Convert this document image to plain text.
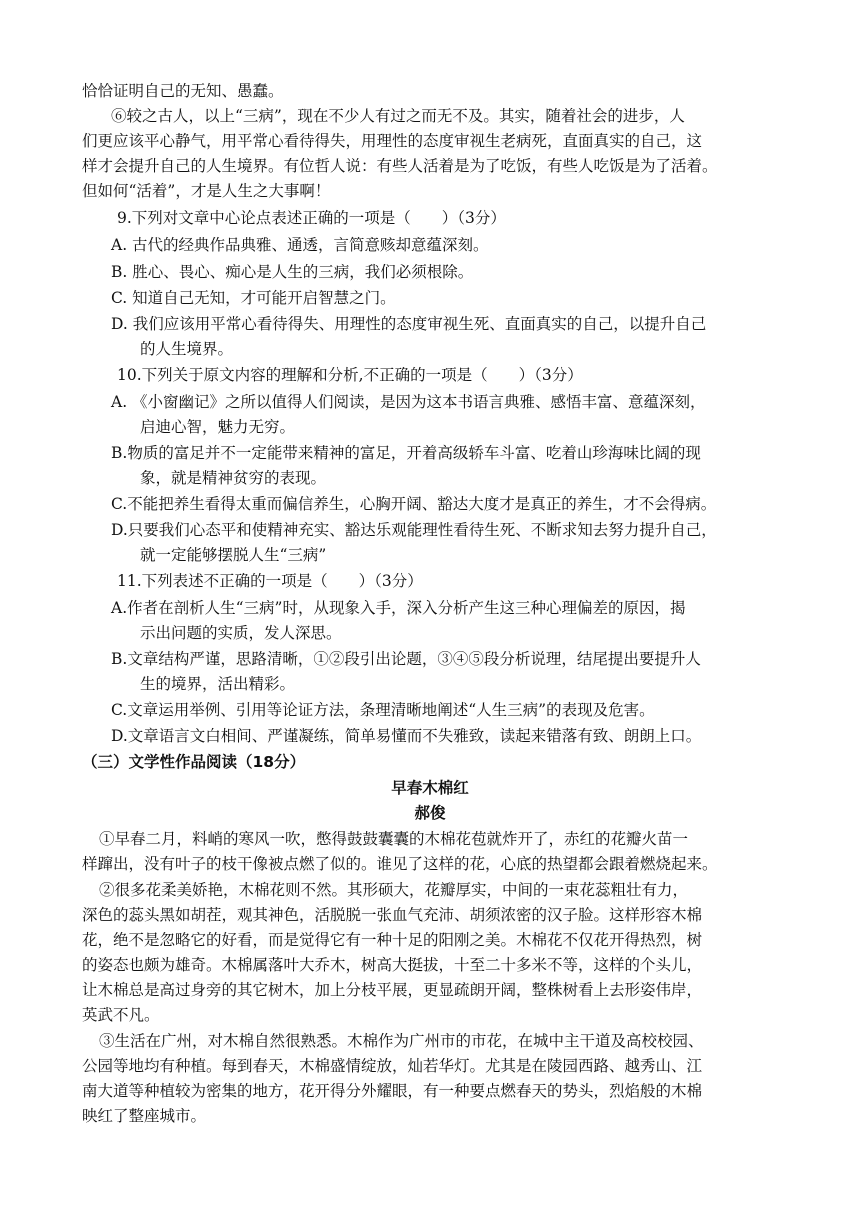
恰恰证明自己的无知、愚蠢。
⑥较之古人，以上“三病”，现在不少人有过之而无不及。其实，随着社会的进步，人
们更应该平心静气，用平常心看待得失，用理性的态度审视生老病死，直面真实的自己，这
样才会提升自己的人生境界。有位哲人说：有些人活着是为了吃饭，有些人吃饭是为了活着。
但如何“活着”，才是人生之大事啊！
9.下列对文章中心论点表述正确的一项是（　　）（3分）
A. 古代的经典作品典雅、通透，言简意赅却意蕴深刻。
B. 胜心、畏心、痴心是人生的三病，我们必须根除。
C. 知道自己无知，才可能开启智慧之门。
D. 我们应该用平常心看待得失、用理性的态度审视生死、直面真实的自己，以提升自己
的人生境界。
10.下列关于原文内容的理解和分析,不正确的一项是（　　）（3分）
A. 《小窗幽记》之所以值得人们阅读，是因为这本书语言典雅、感悟丰富、意蕴深刻，
启迪心智，魅力无穷。
B.物质的富足并不一定能带来精神的富足，开着高级轿车斗富、吃着山珍海味比阔的现
象，就是精神贫穷的表现。
C.不能把养生看得太重而偏信养生，心胸开阔、豁达大度才是真正的养生，才不会得病。
D.只要我们心态平和使精神充实、豁达乐观能理性看待生死、不断求知去努力提升自己，
就一定能够摆脱人生“三病”
11.下列表述不正确的一项是（　　）（3分）
A.作者在剖析人生“三病”时，从现象入手，深入分析产生这三种心理偏差的原因，揭
示出问题的实质，发人深思。
B.文章结构严谨，思路清晰，①②段引出论题，③④⑤段分析说理，结尾提出要提升人
生的境界，活出精彩。
C.文章运用举例、引用等论证方法，条理清晰地阐述“人生三病”的表现及危害。
D.文章语言文白相间、严谨凝练，简单易懂而不失雅致，读起来错落有致、朗朗上口。
（三）文学性作品阅读（18分）
早春木棉红
郝俊
①早春二月，料峭的寒风一吹，憋得鼓鼓囊囊的木棉花苞就炸开了，赤红的花瓣火苗一
样蹿出，没有叶子的枝干像被点燃了似的。谁见了这样的花，心底的热望都会跟着燃烧起来。
②很多花柔美娇艳，木棉花则不然。其形硕大，花瓣厚实，中间的一束花蕊粗壮有力，
深色的蕊头黑如胡茬，观其神色，活脱脱一张血气充沛、胡须浓密的汉子脸。这样形容木棉
花，绝不是忽略它的好看，而是觉得它有一种十足的阳刚之美。木棉花不仅花开得热烈，树
的姿态也颇为雄奇。木棉属落叶大乔木，树高大挺拔，十至二十多米不等，这样的个头儿，
让木棉总是高过身旁的其它树木，加上分枝平展，更显疏朗开阔，整株树看上去形姿伟岸，
英武不凡。
③生活在广州，对木棉自然很熟悉。木棉作为广州市的市花，在城中主干道及高校校园、
公园等地均有种植。每到春天，木棉盛情绽放，灿若华灯。尤其是在陵园西路、越秀山、江
南大道等种植较为密集的地方，花开得分外耀眼，有一种要点燃春天的势头，烈焰般的木棉
映红了整座城市。
